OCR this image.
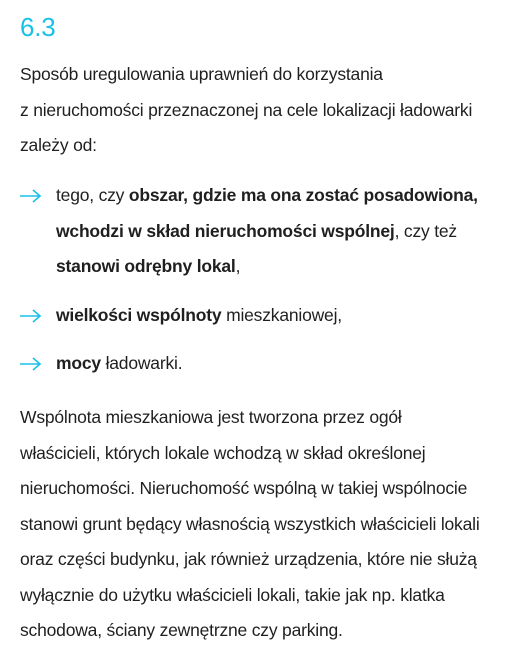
6.3

Sposób uregulowania uprawnień do korzystania
z nieruchomości przeznaczonej na cele lokalizacji ładowarki
zależy od:

tego, czy obszar, gdzie ma ona zostać posadowiona, wchodzi w skład nieruchomości wspólnej, czy też stanowi odrębny lokal,
wielkości wspólnoty mieszkaniowej,
mocy ładowarki.

Wspólnota mieszkaniowa jest tworzona przez ogół
właścicieli, których lokale wchodzą w skład określonej
nieruchomości. Nieruchomość wspólną w takiej wspólnocie
stanowi grunt będący własnością wszystkich właścicieli lokali
oraz części budynku, jak również urządzenia, które nie służą
wyłącznie do użytku właścicieli lokali, takie jak np. klatka
schodowa, ściany zewnętrzne czy parking.
